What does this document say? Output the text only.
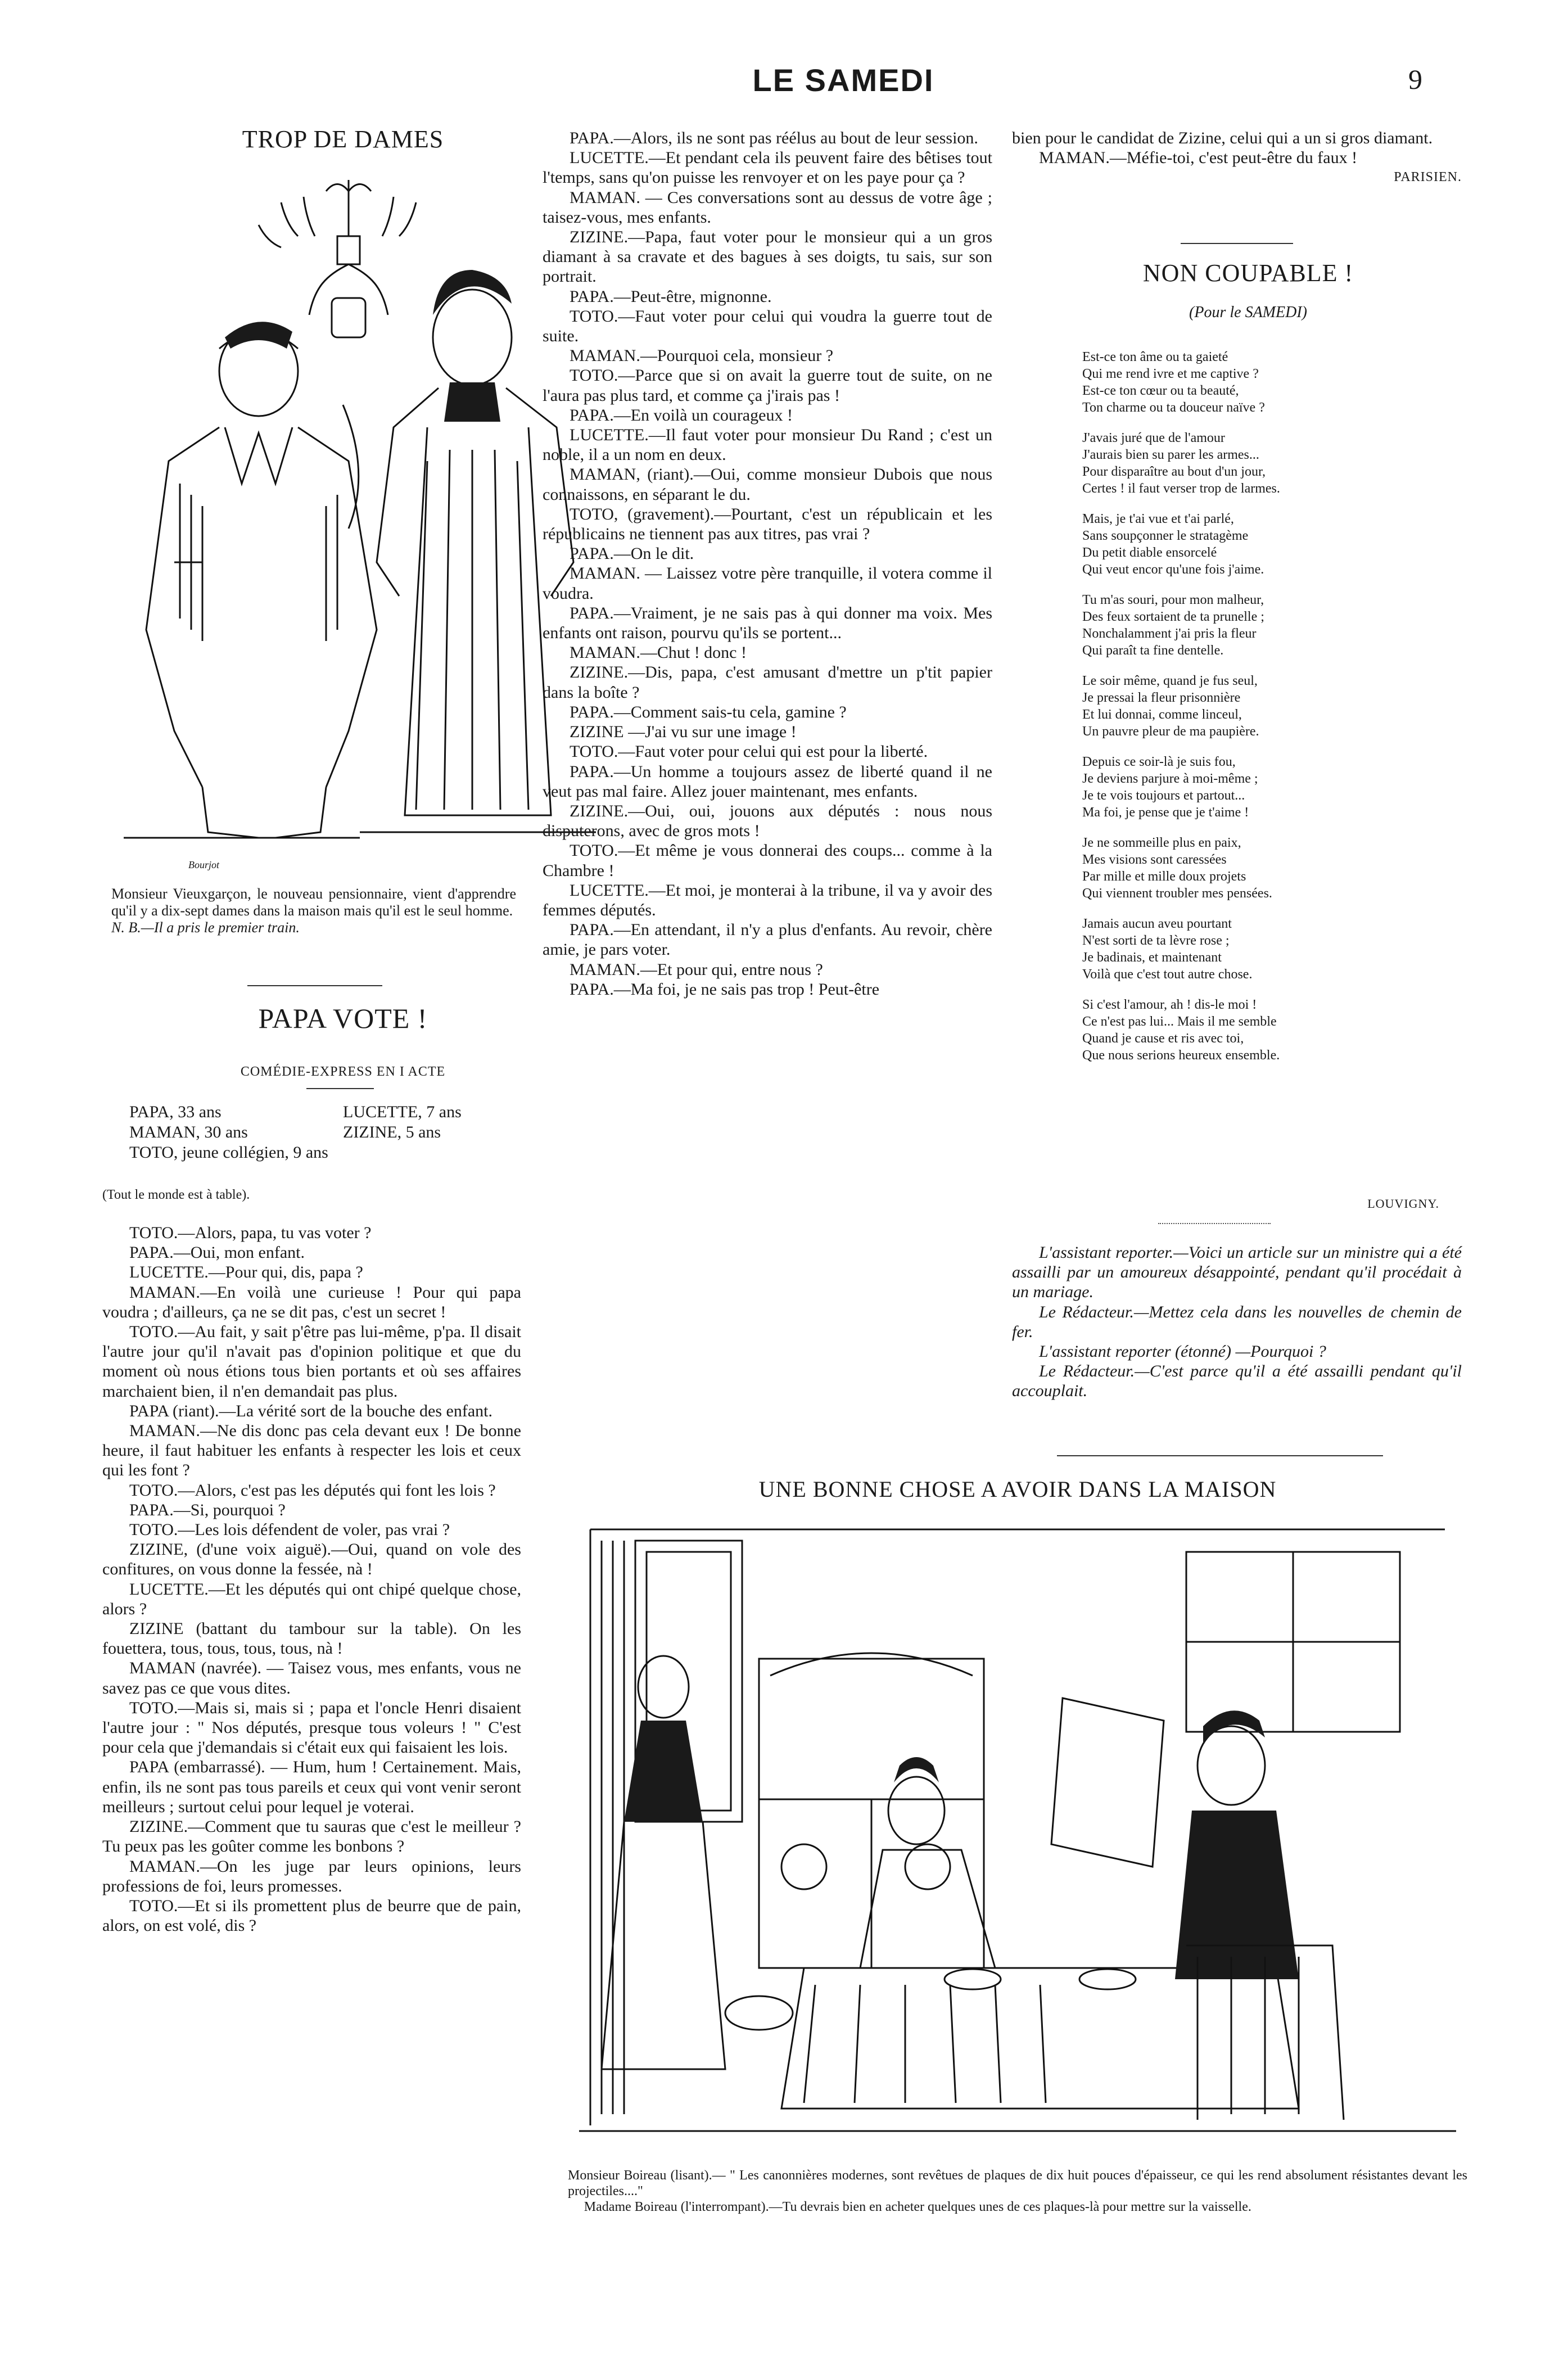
LE SAMEDI	9
TROP DE DAMES
Bourjot

Monsieur Vieuxgarçon, le nouveau pensionnaire, vient d'apprendre qu'il y a dix-sept dames dans la maison mais qu'il est le seul homme.

N. B.—Il a pris le premier train.

PAPA VOTE !
COMÉDIE-EXPRESS EN I ACTE
PAPA, 33 ans	LUCETTE, 7 ans
MAMAN, 30 ans	ZIZINE, 5 ans
TOTO, jeune collégien, 9 ans
(Tout le monde est à table).

TOTO.—Alors, papa, tu vas voter ?

PAPA.—Oui, mon enfant.

LUCETTE.—Pour qui, dis, papa ?

MAMAN.—En voilà une curieuse ! Pour qui papa voudra ; d'ailleurs, ça ne se dit pas, c'est un secret !

TOTO.—Au fait, y sait p'être pas lui-même, p'pa. Il disait l'autre jour qu'il n'avait pas d'opinion politique et que du moment où nous étions tous bien portants et où ses affaires marchaient bien, il n'en demandait pas plus.

PAPA (riant).—La vérité sort de la bouche des enfant.

MAMAN.—Ne dis donc pas cela devant eux ! De bonne heure, il faut habituer les enfants à respecter les lois et ceux qui les font ?

TOTO.—Alors, c'est pas les députés qui font les lois ?

PAPA.—Si, pourquoi ?

TOTO.—Les lois défendent de voler, pas vrai ?

ZIZINE, (d'une voix aiguë).—Oui, quand on vole des confitures, on vous donne la fessée, nà !

LUCETTE.—Et les députés qui ont chipé quelque chose, alors ?

ZIZINE (battant du tambour sur la table). On les fouettera, tous, tous, tous, tous, nà !

MAMAN (navrée). — Taisez vous, mes enfants, vous ne savez pas ce que vous dites.

TOTO.—Mais si, mais si ; papa et l'oncle Henri disaient l'autre jour : " Nos députés, presque tous voleurs ! " C'est pour cela que j'demandais si c'était eux qui faisaient les lois.

PAPA (embarrassé). — Hum, hum ! Certainement. Mais, enfin, ils ne sont pas tous pareils et ceux qui vont venir seront meilleurs ; surtout celui pour lequel je voterai.

ZIZINE.—Comment que tu sauras que c'est le meilleur ? Tu peux pas les goûter comme les bonbons ?

MAMAN.—On les juge par leurs opinions, leurs professions de foi, leurs promesses.

TOTO.—Et si ils promettent plus de beurre que de pain, alors, on est volé, dis ?

PAPA.—Alors, ils ne sont pas réélus au bout de leur session.

LUCETTE.—Et pendant cela ils peuvent faire des bêtises tout l'temps, sans qu'on puisse les renvoyer et on les paye pour ça ?

MAMAN. — Ces conversations sont au dessus de votre âge ; taisez-vous, mes enfants.

ZIZINE.—Papa, faut voter pour le monsieur qui a un gros diamant à sa cravate et des bagues à ses doigts, tu sais, sur son portrait.

PAPA.—Peut-être, mignonne.

TOTO.—Faut voter pour celui qui voudra la guerre tout de suite.

MAMAN.—Pourquoi cela, monsieur ?

TOTO.—Parce que si on avait la guerre tout de suite, on ne l'aura pas plus tard, et comme ça j'irais pas !

PAPA.—En voilà un courageux !

LUCETTE.—Il faut voter pour monsieur Du Rand ; c'est un noble, il a un nom en deux.

MAMAN, (riant).—Oui, comme monsieur Dubois que nous connaissons, en séparant le du.

TOTO, (gravement).—Pourtant, c'est un républicain et les républicains ne tiennent pas aux titres, pas vrai ?

PAPA.—On le dit.

MAMAN. — Laissez votre père tranquille, il votera comme il voudra.

PAPA.—Vraiment, je ne sais pas à qui donner ma voix. Mes enfants ont raison, pourvu qu'ils se portent...

MAMAN.—Chut ! donc !

ZIZINE.—Dis, papa, c'est amusant d'mettre un p'tit papier dans la boîte ?

PAPA.—Comment sais-tu cela, gamine ?

ZIZINE —J'ai vu sur une image !

TOTO.—Faut voter pour celui qui est pour la liberté.

PAPA.—Un homme a toujours assez de liberté quand il ne veut pas mal faire. Allez jouer maintenant, mes enfants.

ZIZINE.—Oui, oui, jouons aux députés : nous nous disputerons, avec de gros mots !

TOTO.—Et même je vous donnerai des coups... comme à la Chambre !

LUCETTE.—Et moi, je monterai à la tribune, il va y avoir des femmes députés.

PAPA.—En attendant, il n'y a plus d'enfants. Au revoir, chère amie, je pars voter.

MAMAN.—Et pour qui, entre nous ?

PAPA.—Ma foi, je ne sais pas trop ! Peut-être

bien pour le candidat de Zizine, celui qui a un si gros diamant.

MAMAN.—Méfie-toi, c'est peut-être du faux !

PARISIEN.

NON COUPABLE !
(Pour le SAMEDI)
Est-ce ton âme ou ta gaieté
Qui me rend ivre et me captive ?
Est-ce ton cœur ou ta beauté,
Ton charme ou ta douceur naïve ?
J'avais juré que de l'amour
J'aurais bien su parer les armes...
Pour disparaître au bout d'un jour,
Certes ! il faut verser trop de larmes.
Mais, je t'ai vue et t'ai parlé,
Sans soupçonner le stratagème
Du petit diable ensorcelé
Qui veut encor qu'une fois j'aime.
Tu m'as souri, pour mon malheur,
Des feux sortaient de ta prunelle ;
Nonchalamment j'ai pris la fleur
Qui paraît ta fine dentelle.
Le soir même, quand je fus seul,
Je pressai la fleur prisonnière
Et lui donnai, comme linceul,
Un pauvre pleur de ma paupière.
Depuis ce soir-là je suis fou,
Je deviens parjure à moi-même ;
Je te vois toujours et partout...
Ma foi, je pense que je t'aime !
Je ne sommeille plus en paix,
Mes visions sont caressées
Par mille et mille doux projets
Qui viennent troubler mes pensées.
Jamais aucun aveu pourtant
N'est sorti de ta lèvre rose ;
Je badinais, et maintenant
Voilà que c'est tout autre chose.
Si c'est l'amour, ah ! dis-le moi !
Ce n'est pas lui... Mais il me semble
Quand je cause et ris avec toi,
Que nous serions heureux ensemble.
LOUVIGNY.

L'assistant reporter.—Voici un article sur un ministre qui a été assailli par un amoureux désappointé, pendant qu'il procédait à un mariage.

Le Rédacteur.—Mettez cela dans les nouvelles de chemin de fer.

L'assistant reporter (étonné) —Pourquoi ?

Le Rédacteur.—C'est parce qu'il a été assailli pendant qu'il accouplait.

UNE BONNE CHOSE A AVOIR DANS LA MAISON

Monsieur Boireau (lisant).— " Les canonnières modernes, sont revêtues de plaques de dix huit pouces d'épaisseur, ce qui les rend absolument résistantes devant les projectiles...."

Madame Boireau (l'interrompant).—Tu devrais bien en acheter quelques unes de ces plaques-là pour mettre sur la vaisselle.
